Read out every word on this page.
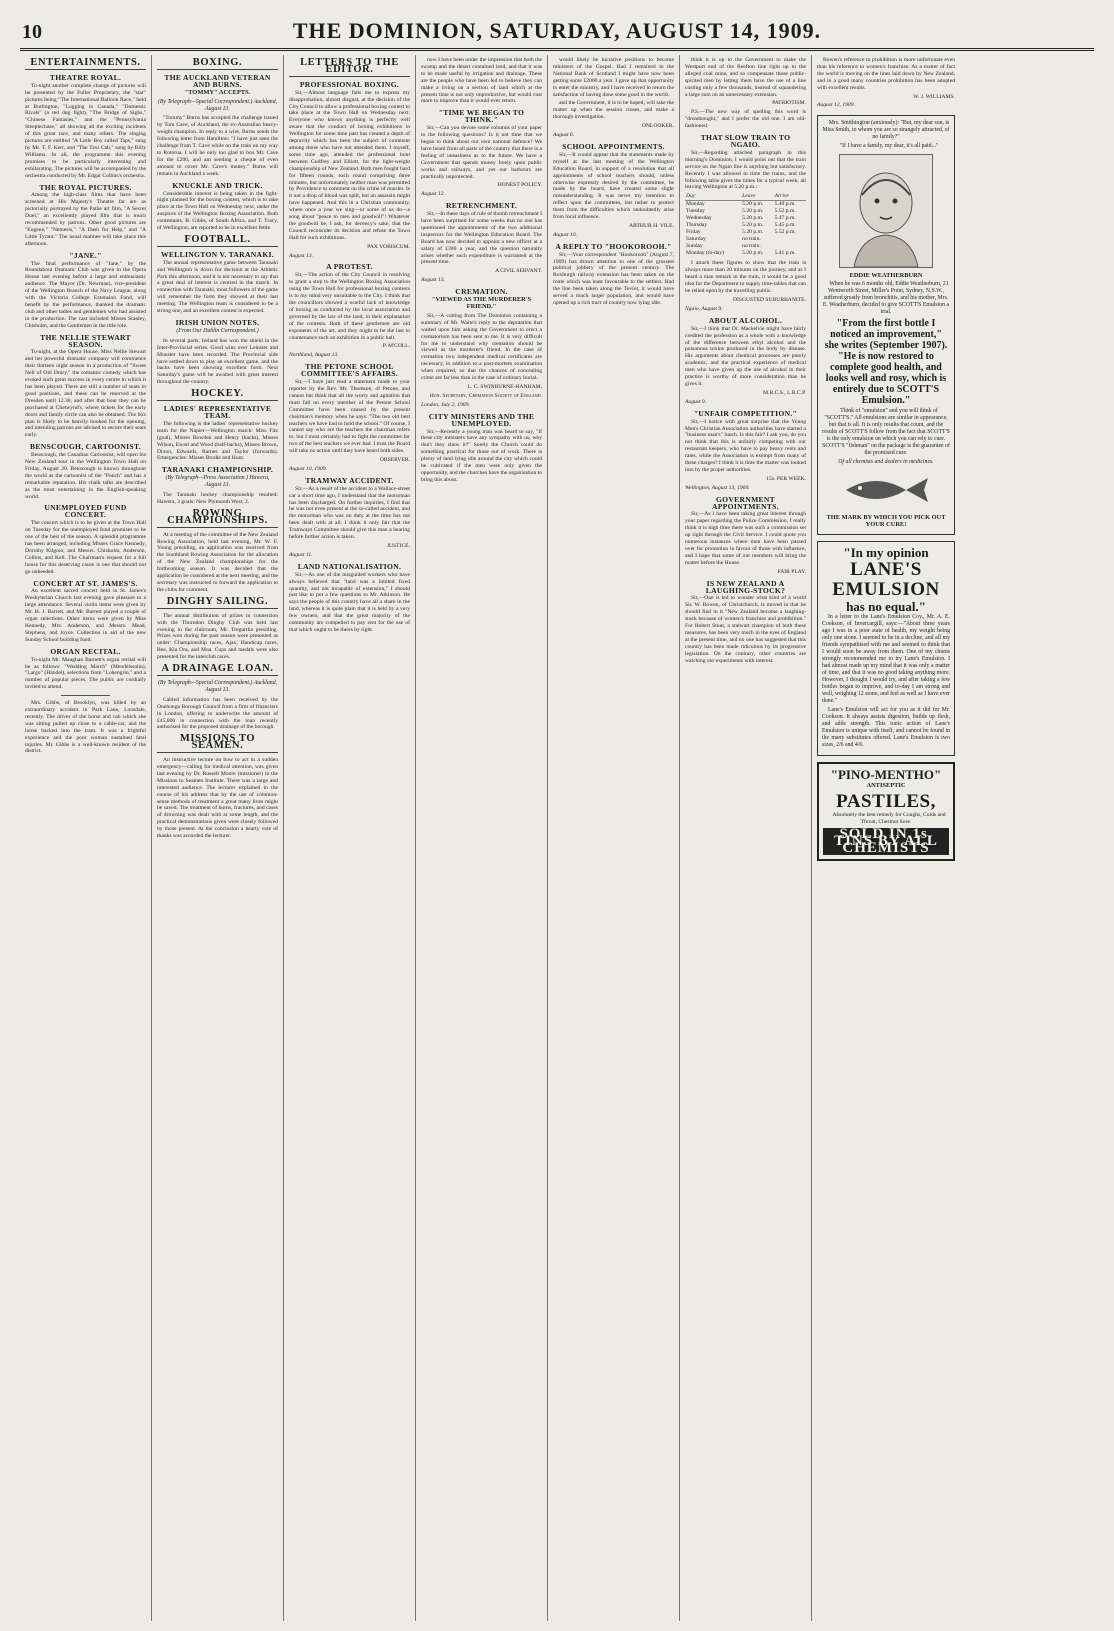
10	THE DOMINION, SATURDAY, AUGUST 14, 1909.
ENTERTAINMENTS.
THEATRE ROYAL.

To-night another complete change of pictures will be presented by the Fuller Proprietary, the "star" pictures being "The International Balloon Race," held at Burlington, "Logging in Canada," "Domestic Rivals" (a red dog fight), "The Bridge of Sighs," "Chinese Fantasies," and the "Pennsylvania Steeplechase," all showing all the exciting incidents of this great race, and many others. The singing pictures are entitled "A Little Boy called Taps," sung by Mr. T. F. Kerr, and "The Taxi Cab," sung by Billy Williams. In all, the programme this evening promises to be particularly interesting and exhilarating. The pictures will be accompanied by the orchestra conducted by Mr. Edgar Collins's orchestra.

THE ROYAL PICTURES.

Among the high-class films that have been screened at His Majesty's Theatre far are as pictorially portrayed by the Pathe art film, "A Secret Duel," an excellently played film that is much recommended by patrons. Other good pictures are "Eugene," "Nemesis," "A Dash for Help," and "A Little Tyrant." The usual matinee will take place this afternoon.

"JANE."

The final performance of "Jane," by the Roundabout Dramatic Club was given in the Opera House last evening before a large and enthusiastic audience. The Mayor (Dr. Newman), vice-president of the Wellington Branch of the Navy League, along with the Victoria College Extension Fund, will benefit by the performance, thanked the dramatic club and other ladies and gentlemen who had assisted in the production. The cast included Misses Stanley, Chisholm, and the Gentlemen in the title role.

THE NELLIE STEWART SEASON.

To-night, at the Opera House, Miss Nellie Stewart and her powerful dramatic company will commence their thirteen night season in a production of "Sweet Nell of Old Drury," the romantic comedy which has evoked such great success in every centre in which it has been played. There are still a number of seats in good positions, and these can be reserved at the Dresden until 12.30, and after that hour they can be purchased at Chetwynd's, where tickets for the early doors and family circle can also be obtained. The box plan is likely to be heavily booked for the opening, and intending patrons are advised to secure their seats early.

BENSCOUGH, CARTOONIST.

Benscough, the Canadian Cartoonist, will open his New Zealand tour in the Wellington Town Hall on Friday, August 20. Benscough is known throughout the world as the cartoonist of the "Punch" and has a remarkable reputation. His chalk talks are described as the most entertaining in the English-speaking world.

UNEMPLOYED FUND CONCERT.

The concert which is to be given at the Town Hall on Tuesday for the unemployed fund promises to be one of the best of the season. A splendid programme has been arranged, including Misses Grace Kennedy, Dorothy Kilgour, and Messrs. Chisholm, Anderson, Collins, and Kell. The Chairman's request for a full house for this deserving cause is one that should not go unheeded.

CONCERT AT ST. JAMES'S.

An excellent sacred concert held in St. James's Presbyterian Church last evening gave pleasure to a large attendance. Several violin items were given by Mr. H. J. Barrett, and Mr. Barrett played a couple of organ selections. Other items were given by Miss Kennedy, Mrs. Anderson, and Messrs. Mead, Stephens, and Joyce. Collection in aid of the new Sunday School building fund.

ORGAN RECITAL.

To-night Mr. Maughan Barnett's organ recital will be as follows: "Wedding March" (Mendelssohn), "Largo" (Handel), selections from "Lohengrin," and a number of popular pieces. The public are cordially invited to attend.

Mrs. Gibbs, of Brooklyn, was killed by an extraordinary accident in Park Lane, Lonsdale, recently. The driver of the horse and cab which she was sitting pulled up close to a cable-car, and the horse backed into the tram. It was a frightful experience and the poor woman sustained fatal injuries. Mr. Gibbs is a well-known resident of the district.

BOXING.
THE AUCKLAND VETERAN AND BURNS.
"TOMMY" ACCEPTS.
(By Telegraph—Special Correspondent.) Auckland, August 13.

"Tommy" Burns has accepted the challenge issued by Tom Cave, of Auckland, the ex-Australian heavy-weight champion. In reply to a wire, Burns sends the following letter from Hamilton: "I have just seen the challenge from T. Cave while on the train on my way to Rotorua. I will be only too glad to box Mr. Cave for the £200, and am sending a cheque of even amount to cover Mr. Cave's money." Burns will remain in Auckland a week.

KNUCKLE AND TRICK.

Considerable interest is being taken in the fight-night planned for the boxing contest, which is to take place at the Town Hall on Wednesday next, under the auspices of the Wellington Boxing Association. Both contestants, B. Gibbs, of South Africa, and T. Tracy, of Wellington, are reported to be in excellent fettle.

FOOTBALL.
WELLINGTON V. TARANAKI.

The annual representative game between Taranaki and Wellington is down for decision at the Athletic Park this afternoon, and it is not necessary to say that a great deal of interest is centred in the match. In connection with Taranaki, most followers of the game will remember the form they showed at their last meeting. The Wellington team is considered to be a strong one, and an excellent contest is expected.

IRISH UNION NOTES.
(From Our Dublin Correspondent.)

In several parts, Ireland has won the shield in the Inter-Provincial series. Good wins over Leinster and Munster have been recorded. The Provincial side have settled down to play an excellent game, and the backs have been showing excellent form. Next Saturday's game will be awaited with great interest throughout the country.

HOCKEY.
LADIES' REPRESENTATIVE TEAM.

The following is the ladies' representative hockey team for the Napier—Wellington match: Miss Fitz (goal), Misses Bowden and Henry (backs), Misses Wilson, Ewart and Wood (half-backs), Misses Brown, Dixon, Edwards, Barnes and Taylor (forwards). Emergencies: Misses Brodie and Hunt.

TARANAKI CHAMPIONSHIP.
(By Telegraph—Press Association.) Hawera, August 13.

The Taranaki hockey championship resulted: Hawera, 3 goals; New Plymouth West, 2.

ROWING CHAMPIONSHIPS.

At a meeting of the committee of the New Zealand Rowing Association, held last evening, Mr. W. F. Young presiding, an application was received from the Southland Rowing Association for the allocation of the New Zealand championships for the forthcoming season. It was decided that the application be considered at the next meeting, and the secretary was instructed to forward the application to the clubs for comment.

DINGHY SAILING.

The annual distribution of prizes in connection with the Thorndon Dinghy Club was held last evening in the clubroom, Mr. Tregurtha presiding. Prizes won during the past season were presented as under: Championship races, Ajax; Handicap races, Bee, Kia Ora, and Moa. Cups and medals were also presented for the interclub races.

A DRAINAGE LOAN.
(By Telegraph—Special Correspondent.) Auckland, August 13.

Cabled information has been received by the Onehunga Borough Council from a firm of financiers in London, offering to underwrite the amount of £45,000 in connection with the loan recently authorised for the proposed drainage of the borough.

MISSIONS TO SEAMEN.

An instructive lecture on how to act in a sudden emergency—calling for medical attention, was given last evening by Dr. Russell Moore (missioner) in the Missions to Seamen Institute. There was a large and interested audience. The lecturer explained in the course of his address that by the use of common-sense methods of treatment a great many lives might be saved. The treatment of burns, fractures, and cases of drowning was dealt with at some length, and the practical demonstrations given were closely followed by those present. At the conclusion a hearty vote of thanks was accorded the lecturer.

LETTERS TO THE EDITOR.
PROFESSIONAL BOXING.

Sir,—Almost language fails me to express my disapprobation, almost disgust, at the decision of the City Council to allow a professional boxing contest to take place at the Town Hall on Wednesday next. Everyone who knows anything is perfectly well aware that the conduct of boxing exhibitions in Wellington for some time past has created a depth of depravity which has been the subject of comment among those who have not attended them. I myself, some time ago, attended the professional bout between Godfrey and Elliott, for the light-weight championship of New Zealand. Both men fought hard for fifteen rounds, each round comprising three minutes, but unfortunately neither man was permitted by Providence to comment on the crime of murder. Is it not a drop of blood was spilt, but an assassin might have happened. And this in a Christian community, where once a year we sing—or some of us do—a song about "peace to men and goodwill"! Whatever the goodwill be, I ask, for decency's sake, that the Council reconsider its decision and refuse the Town Hall for such exhibitions.

PAX VOBISCUM.
August 13.
A PROTEST.

Sir,—The action of the City Council in resolving to grant a stop to the Wellington Boxing Association using the Town Hall for professional boxing contests is to my mind very unsuitable to the City. I think that the councillors showed a woeful lack of knowledge of boxing as conducted by the local association and governed by the law of the land, in their explanation of the contests. Both of these gentlemen are old exponents of the art, and they ought to be the last to countenance such an exhibition in a public hall.

P. M'COLL.
Northland, August 13.
THE PETONE SCHOOL COMMITTEE'S AFFAIRS.

Sir,—I have just read a statement made to your reporter by the Rev. Mr. Thomson, of Petone, and cannot but think that all the worry and agitation that must fall on every member of the Petone School Committee have been caused by the present chairman's memory when he says: "The two old best teachers we have had to hold the school." Of course, I cannot say who are the teachers the chairman refers to, but I most certainly had to fight the committee for two of the best teachers we ever had. I trust the Board will take no action until they have heard both sides.

OBSERVER.
August 10, 1909.
TRAMWAY ACCIDENT.

Sir,—As a result of the accident to a Wallace-street car a short time ago, I understand that the motorman has been discharged. On further inquiries, I find that he was not even present at the so-called accident, and the motorman who was on duty at the time has not been dealt with at all. I think it only fair that the Tramways Committee should give this man a hearing before further action is taken.

JUSTICE.
August 11.
LAND NATIONALISATION.

Sir,—As one of the misguided workers who have always believed that "land was a limited fixed quantity, and not incapable of extension," I should just like to put a few questions to Mr. Atkinson. He says the people of this country have all a share in the land, whereas it is quite plain that it is held by a very few owners, and that the great majority of the community are compelled to pay rent for the use of that which ought to be theirs by right.

now I have been under the impression that both the swamp and the desert contained land, and that it was to be made useful by irrigation and drainage. These are the people who have been led to believe they can make a living on a section of land which at the present time is not only unproductive, but would cost more to improve than it would ever return.

"TIME WE BEGAN TO THINK."

Sir,—Can you devote some columns of your paper to the following questions? Is it not time that we began to think about our own national defence? We have heard from all parts of the country that there is a feeling of uneasiness as to the future. We have a Government that spends money freely upon public works and railways, and yet our harbours are practically unprotected.

HONEST POLICY.
August 12.
RETRENCHMENT.

Sir,—In these days of rule of thumb retrenchment I have been surprised for some weeks that no one has questioned the appointments of the two additional inspectors for the Wellington Education Board. The Board has now decided to appoint a new officer at a salary of £300 a year, and the question naturally arises whether such expenditure is warranted at the present time.

A CIVIL SERVANT.
August 13.
CREMATION.
"VIEWED AS THE MURDERER'S FRIEND."

Sir,—A cutting from The Dominion containing a summary of Mr. Waite's reply to the deputation that waited upon him asking the Government to erect a crematorium has been sent to me. It is very difficult for me to understand why cremation should be viewed as the murderer's friend. In the case of cremation two independent medical certificates are necessary, in addition to a post-mortem examination when required, so that the chances of concealing crime are far less than in the case of ordinary burial.

L. C. SWINBURNE-HANHAM,
Hon. Secretary, Cremation Society of England.
London, July 2, 1909.
CITY MINISTERS AND THE UNEMPLOYED.

Sir,—Recently a young man was heard to say, "If these city ministers have any sympathy with us, why don't they show it?" Surely the Church could do something practical for those out of work. There is plenty of land lying idle around the city which could be cultivated if the men were only given the opportunity, and the churches have the organisation to bring this about.

would likely be lucrative positions to become ministers of the Gospel. Had I remained in the National Bank of Scotland I might have now been getting some £2000 a year. I gave up that opportunity to enter the ministry, and I have received in return the satisfaction of having done some good in the world.

and the Government, it is to be hoped, will take the matter up when the session closes, and make a thorough investigation.

ONLOOKER.
August 6.
SCHOOL APPOINTMENTS.

Sir,—It would appear that the statements made by myself at the last meeting of the Wellington Education Board, in support of a resolution that all appointments of school teachers should, unless otherwise expressly desired by the committee, be made by the board, have created some slight misunderstanding. It was never my intention to reflect upon the committees, but rather to protect them from the difficulties which undoubtedly arise from local influence.

ARTHUR H. VILE.
August 10.
A REPLY TO "HOOKOROOH."

Sir,—Your correspondent "Hookorooh" (August 7, 1909) has drawn attention to one of the grossest political jobbery of the present century. The Roxburgh railway extension has been taken on the route which was least favourable to the settlers. Had the line been taken along the Teviot, it would have served a much larger population, and would have opened up a rich tract of country now lying idle.

think it is up to the Government to make the Westport end of the Reefton line right up to the alleged coal mine, and so compensate those public-spirited men by letting them have the use of a line costing only a few thousands, instead of squandering a large sum on an unnecessary extension.

PATRIOTISM.

P.S.—The new way of spelling this word is "dreadnought," and I prefer the old one. I am old-fashioned.

THAT SLOW TRAIN TO NGAIO.

Sir,—Regarding attached paragraph in this morning's Dominion, I would point out that the train service on the Ngaio line is anything but satisfactory. Recently I was allowed to time the trains, and the following table gives the times for a typical week, all leaving Wellington at 5.20 p.m.:

Day	Leave	Arrive
Monday	5.20 p.m.	5.40 p.m.
Tuesday	5.20 p.m.	5.52 p.m.
Wednesday	5.20 p.m.	5.47 p.m.
Thursday	5.20 p.m.	5.45 p.m.
Friday	5.20 p.m.	5.52 p.m.
Saturday	no train.	
Sunday	no train.	
Monday (to-day)	5.20 p.m.	5.41 p.m.

I attach these figures to show that the train is always more than 20 minutes on the journey, and as I heard a man remark in the train, it would be a good idea for the Department to supply time-tables that can be relied upon by the travelling public.

DISGUSTED SUBURBANITE.
Ngaio, August 9.
ABOUT ALCOHOL.

Sir,—I think that Dr. Mackelvie might have fairly credited the profession as a whole with a knowledge of the difference between ethyl alcohol and the poisonous toxins produced in the body by disease. His arguments about chemical processes are purely academic, and the practical experience of medical men who have given up the use of alcohol in their practice is worthy of more consideration than he gives it.

M.R.C.S., L.R.C.P.
August 9.
"UNFAIR COMPETITION."

Sir,—I notice with great surprise that the Young Men's Christian Association authorities have started a "business man's" lunch. Is this fair? I ask you, do you not think that this is unfairly competing with our restaurant keepers, who have to pay heavy rents and rates, while the Association is exempt from many of these charges? I think it is time the matter was looked into by the proper authorities.

15s. PER WEEK.
Wellington, August 13, 1909.
GOVERNMENT APPOINTMENTS.

Sir,—As I have been taking great interest through your paper regarding the Police Commission, I really think it is high time there was such a commission set up right through the Civil Service. I could quote you numerous instances where men have been passed over for promotion in favour of those with influence, and I hope that some of our members will bring the matter before the House.

FAIR PLAY.
IS NEW ZEALAND A LAUGHING-STOCK?

Sir,—One is led to wonder what kind of a world Sir. W. Bowen, of Christchurch, is moved in that he should find in it "New Zealand become a laughing-stock because of women's franchise and prohibition." For Robert Stout, a stalwart champion of both these measures, has been very much in the eyes of England at the present time, and no one has suggested that this country has been made ridiculous by its progressive legislation. On the contrary, other countries are watching our experiments with interest.

Bowen's reference to prohibition is more unfortunate even than his reference to women's franchise. As a matter of fact the world is moving on the lines laid down by New Zealand, and in a good many countries prohibition has been adopted with excellent results.

W. J. WILLIAMS.
August 12, 1909.

Mrs. Smithington (anxiously): "But, my dear son, is Miss Smith, to whom you are so strangely attracted, of no family?"

"If I have a family, my dear, it's all paid..."

EDDIE WEATHERBURN

When he was 6 months old, Eddie Weatherburn, 21 Wentworth Street, Miller's Point, Sydney, N.S.W., suffered greatly from bronchitis, and his mother, Mrs. E. Weatherburn, decided to give SCOTT'S Emulsion a trial.

"From the first bottle I noticed an improvement," she writes (September 1907). "He is now restored to complete good health, and looks well and rosy, which is entirely due to SCOTT'S Emulsion."

Think of "emulsion" and you will think of "SCOTT'S." All emulsions are similar in appearance, but that is all. It is only results that count, and the results of SCOTT'S follow from the fact that SCOTT'S is the only emulsion on which you can rely to cure. SCOTT'S "fishman" on the package is the guarantee of the promised cure.

Of all chemists and dealers in medicines.
THE MARK BY WHICH YOU PICK OUT YOUR CURE!
"In my opinion
LANE'S
EMULSION
has no equal."

In a letter to the Lane's Emulsion Coy., Mr. A. E. Cookson, of Invercargill, says:—"About three years ago I was in a poor state of health, my weight being only one stone. I seemed to be in a decline, and all my friends sympathised with me and seemed to think that I would soon be away from them. One of my chums strongly recommended me to try Lane's Emulsion. I had almost made up my mind that it was only a matter of time, and that it was no good taking anything more. However, I thought I would try, and after taking a few bottles began to improve, and to-day I am strong and well, weighing 12 stone, and feel as well as I have ever done."

Lane's Emulsion will act for you as it did for Mr. Cookson. It always assists digestion, builds up flesh, and adds strength. This tonic action of Lane's Emulsion is unique with itself, and cannot be found in the many substitutes offered. Lane's Emulsion is two sizes, 2/6 and 4/6.

"PINO-MENTHO"
ANTISEPTIC
PASTILES,

Absolutely the best remedy for Coughs, Colds and Throat, Chestnut Sore.

SOLD IN 1s. TINS BY ALL CHEMISTS
